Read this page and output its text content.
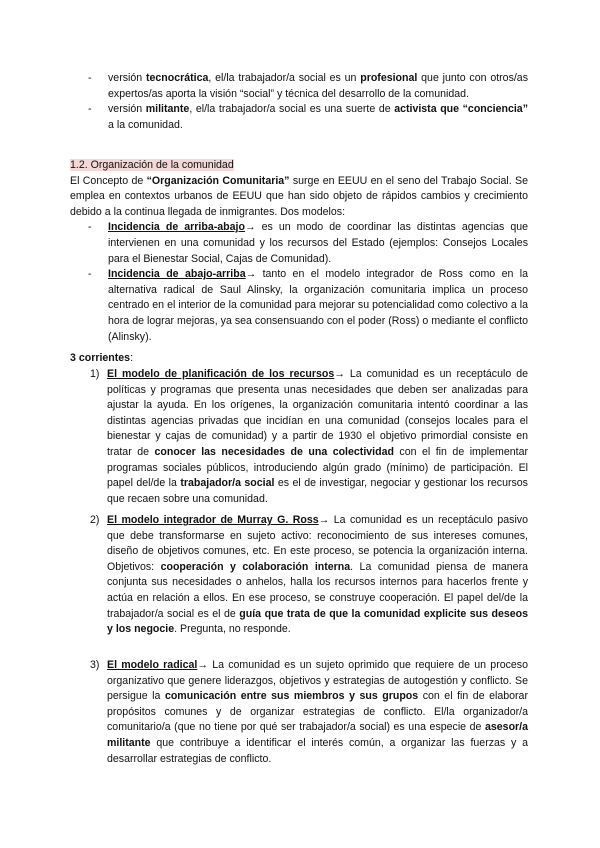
- versión tecnocrática, el/la trabajador/a social es un profesional que junto con otros/as expertos/as aporta la visión “social” y técnica del desarrollo de la comunidad.
- versión militante, el/la trabajador/a social es una suerte de activista que “conciencia” a la comunidad.
1.2. Organización de la comunidad
El Concepto de “Organización Comunitaria” surge en EEUU en el seno del Trabajo Social. Se emplea en contextos urbanos de EEUU que han sido objeto de rápidos cambios y crecimiento debido a la continua llegada de inmigrantes. Dos modelos:
- Incidencia de arriba-abajo→ es un modo de coordinar las distintas agencias que intervienen en una comunidad y los recursos del Estado (ejemplos: Consejos Locales para el Bienestar Social, Cajas de Comunidad).
- Incidencia de abajo-arriba→ tanto en el modelo integrador de Ross como en la alternativa radical de Saul Alinsky, la organización comunitaria implica un proceso centrado en el interior de la comunidad para mejorar su potencialidad como colectivo a la hora de lograr mejoras, ya sea consensuando con el poder (Ross) o mediante el conflicto (Alinsky).
3 corrientes:
1) El modelo de planificación de los recursos→ La comunidad es un receptáculo de políticas y programas que presenta unas necesidades que deben ser analizadas para ajustar la ayuda. En los orígenes, la organización comunitaria intentó coordinar a las distintas agencias privadas que incidían en una comunidad (consejos locales para el bienestar y cajas de comunidad) y a partir de 1930 el objetivo primordial consiste en tratar de conocer las necesidades de una colectividad con el fin de implementar programas sociales públicos, introduciendo algún grado (mínimo) de participación. El papel del/de la trabajador/a social es el de investigar, negociar y gestionar los recursos que recaen sobre una comunidad.
2) El modelo integrador de Murray G. Ross→ La comunidad es un receptáculo pasivo que debe transformarse en sujeto activo: reconocimiento de sus intereses comunes, diseño de objetivos comunes, etc. En este proceso, se potencia la organización interna. Objetivos: cooperación y colaboración interna. La comunidad piensa de manera conjunta sus necesidades o anhelos, halla los recursos internos para hacerlos frente y actúa en relación a ellos. En ese proceso, se construye cooperación. El papel del/de la trabajador/a social es el de guía que trata de que la comunidad explicite sus deseos y los negocie. Pregunta, no responde.
3) El modelo radical→ La comunidad es un sujeto oprimido que requiere de un proceso organizativo que genere liderazgos, objetivos y estrategias de autogestión y conflicto. Se persigue la comunicación entre sus miembros y sus grupos con el fin de elaborar propósitos comunes y de organizar estrategias de conflicto. El/la organizador/a comunitario/a (que no tiene por qué ser trabajador/a social) es una especie de asesor/a militante que contribuye a identificar el interés común, a organizar las fuerzas y a desarrollar estrategias de conflicto.
